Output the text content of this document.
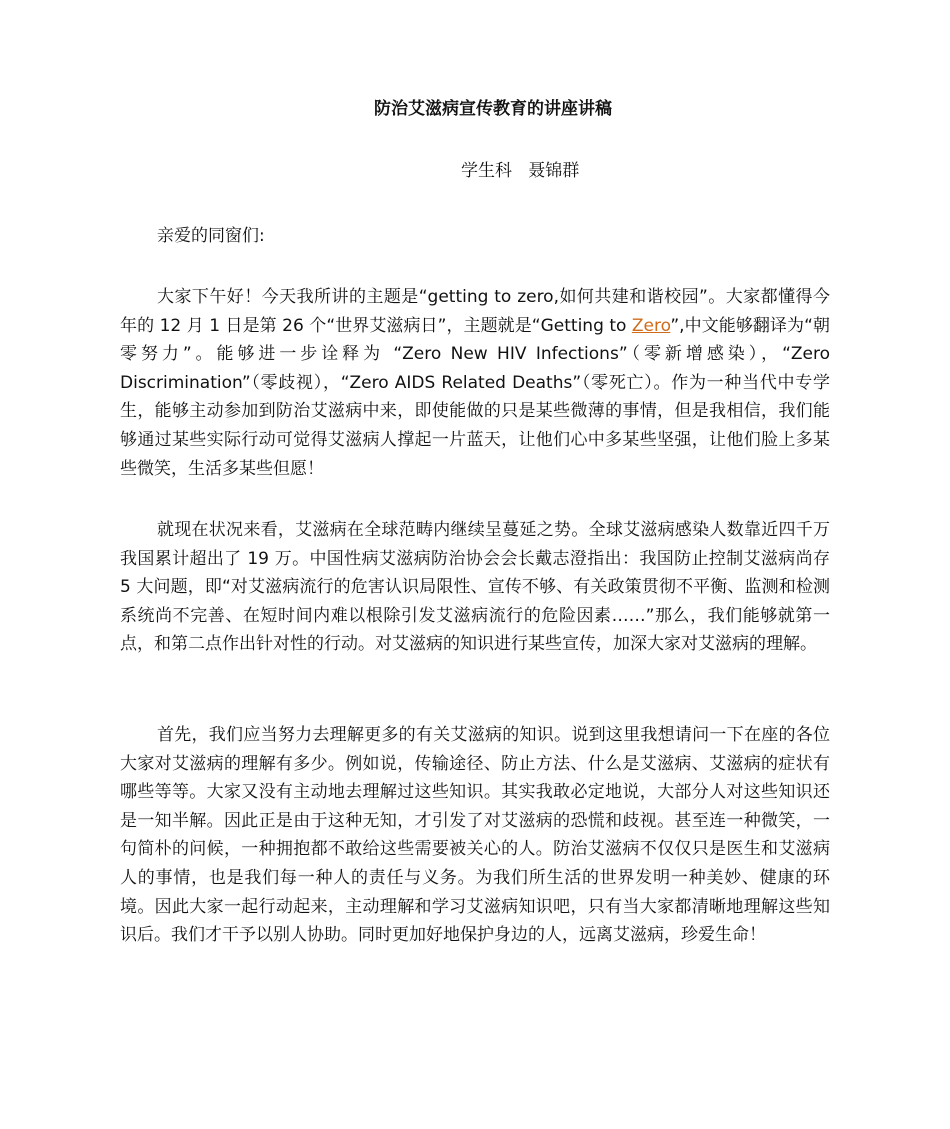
防治艾滋病宣传教育的讲座讲稿
学生科   聂锦群
亲爱的同窗们:

大家下午好！今天我所讲的主题是“getting to zero,如何共建和谐校园”。大家都懂得今年的 12 月 1 日是第 26 个“世界艾滋病日”，主题就是“Getting to Zero”,中文能够翻译为“朝零努力”。能够进一步诠释为 “Zero New HIV Infections”（零新增感染），“Zero Discrimination”（零歧视），“Zero AIDS Related Deaths”（零死亡）。作为一种当代中专学生，能够主动参加到防治艾滋病中来，即使能做的只是某些微薄的事情，但是我相信，我们能够通过某些实际行动可觉得艾滋病人撑起一片蓝天，让他们心中多某些坚强，让他们脸上多某些微笑，生活多某些但愿！

就现在状况来看，艾滋病在全球范畴内继续呈蔓延之势。全球艾滋病感染人数靠近四千万 我国累计超出了 19 万。中国性病艾滋病防治协会会长戴志澄指出：我国防止控制艾滋病尚存 5 大问题，即“对艾滋病流行的危害认识局限性、宣传不够、有关政策贯彻不平衡、监测和检测系统尚不完善、在短时间内难以根除引发艾滋病流行的危险因素……”那么，我们能够就第一点，和第二点作出针对性的行动。对艾滋病的知识进行某些宣传，加深大家对艾滋病的理解。

首先，我们应当努力去理解更多的有关艾滋病的知识。说到这里我想请问一下在座的各位大家对艾滋病的理解有多少。例如说，传输途径、防止方法、什么是艾滋病、艾滋病的症状有哪些等等。大家又没有主动地去理解过这些知识。其实我敢必定地说，大部分人对这些知识还是一知半解。因此正是由于这种无知，才引发了对艾滋病的恐慌和歧视。甚至连一种微笑，一句简朴的问候，一种拥抱都不敢给这些需要被关心的人。防治艾滋病不仅仅只是医生和艾滋病人的事情，也是我们每一种人的责任与义务。为我们所生活的世界发明一种美妙、健康的环境。因此大家一起行动起来，主动理解和学习艾滋病知识吧，只有当大家都清晰地理解这些知识后。我们才干予以别人协助。同时更加好地保护身边的人，远离艾滋病，珍爱生命！
